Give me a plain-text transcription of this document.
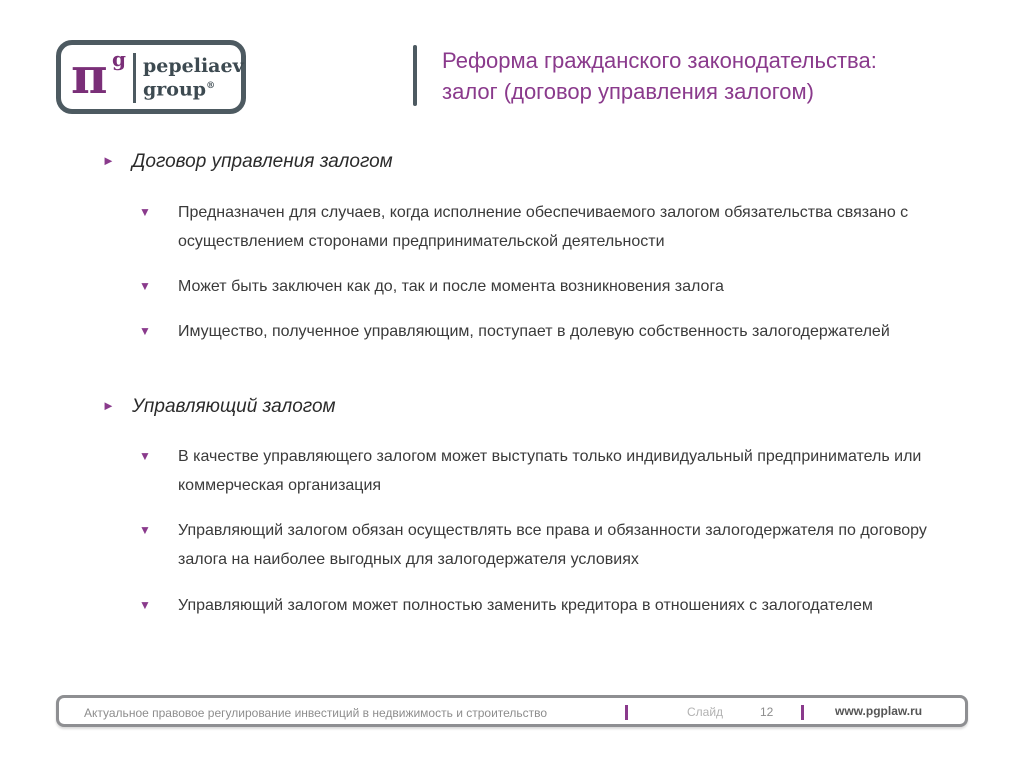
π g pepeliaev
group®
Реформа гражданского законодательства:
залог (договор управления залогом)
► Договор управления залогом
▼ Предназначен для случаев, когда исполнение обеспечиваемого залогом обязательства связано с осуществлением сторонами предпринимательской деятельности
▼ Может быть заключен как до, так и после момента возникновения залога
▼ Имущество, полученное управляющим, поступает в долевую собственность залогодержателей
► Управляющий залогом
▼ В качестве управляющего залогом может выступать только индивидуальный предприниматель или коммерческая организация
▼ Управляющий залогом обязан осуществлять все права и обязанности залогодержателя по договору залога на наиболее выгодных для залогодержателя условиях
▼ Управляющий залогом может полностью заменить кредитора в отношениях с залогодателем
Актуальное правовое регулирование инвестиций в недвижимость и строительство	Слайд	12	www.pgplaw.ru
